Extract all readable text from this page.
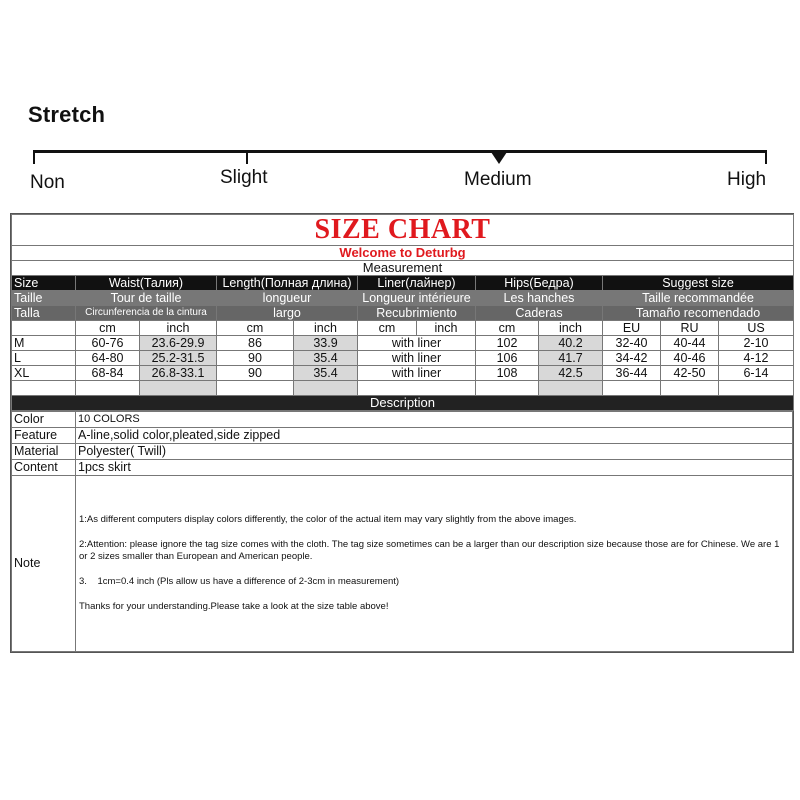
Stretch
Non	Slight	Medium	High
SIZE CHART											
Welcome to Deturbg											
Measurement											
Size	Waist(Талия)		Length(Полная длина)		Liner(лайнер)		Hips(Бедра)		Suggest size		
Taille	Tour de taille		longueur		Longueur intérieure		Les hanches		Taille recommandée		
Talla	Circunferencia de la cintura		largo		Recubrimiento		Caderas		Tamaño recomendado		
	cm	inch	cm	inch	cm	inch	cm	inch	EU	RU	US
M	60-76	23.6-29.9	86	33.9	with liner		102	40.2	32-40	40-44	2-10
L	64-80	25.2-31.5	90	35.4	with liner		106	41.7	34-42	40-46	4-12
XL	68-84	26.8-33.1	90	35.4	with liner		108	42.5	36-44	42-50	6-14

Description											
Color	10 COLORS
Feature	A-line,solid color,pleated,side zipped
Material	Polyester( Twill)
Content	1pcs skirt
Note	1:As different computers display colors differently, the color of the actual item may vary slightly from the above images.

2:Attention: please ignore the tag size comes with the cloth. The tag size sometimes can be a larger than our description size because those are for Chinese. We are 1 or 2 sizes smaller than European and American people.

3.    1cm=0.4 inch (Pls allow us have a difference of 2-3cm in measurement)

Thanks for your understanding.Please take a look at the size table above!
